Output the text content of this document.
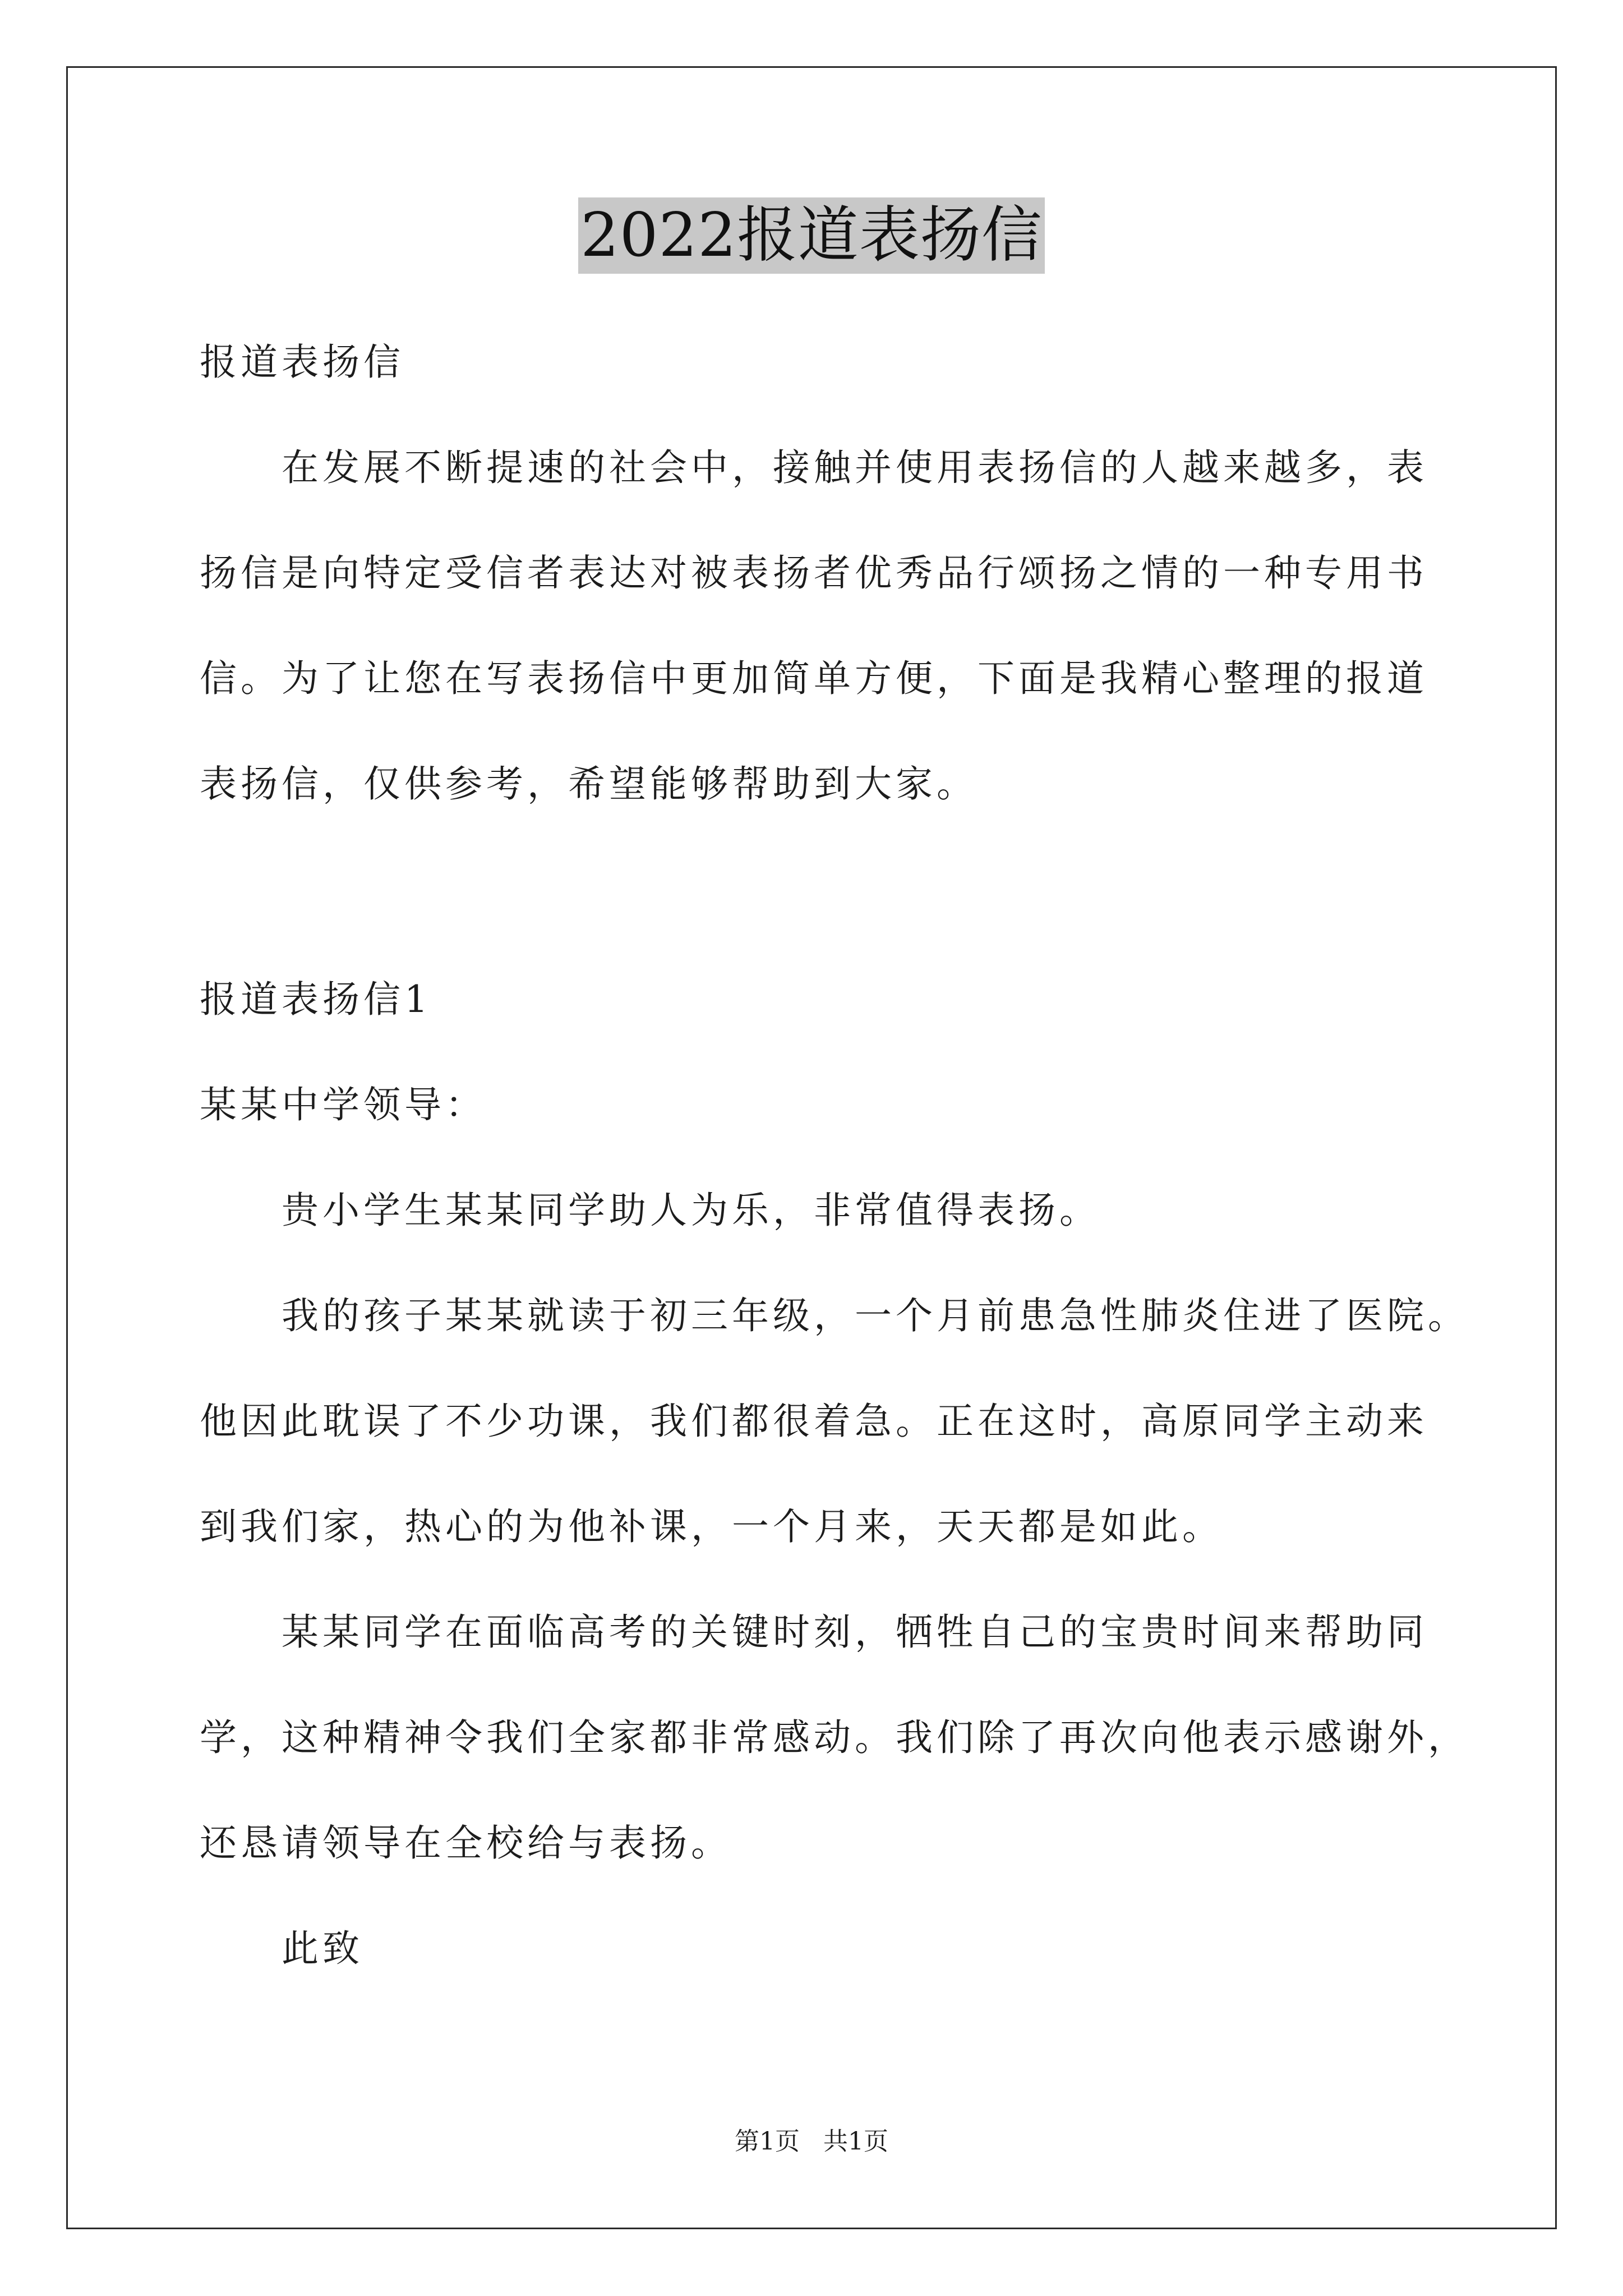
2022报道表扬信
报道表扬信
在发展不断提速的社会中，接触并使用表扬信的人越来越多，表
扬信是向特定受信者表达对被表扬者优秀品行颂扬之情的一种专用书
信。为了让您在写表扬信中更加简单方便，下面是我精心整理的报道
表扬信，仅供参考，希望能够帮助到大家。
报道表扬信1
某某中学领导：
贵小学生某某同学助人为乐，非常值得表扬。
我的孩子某某就读于初三年级，一个月前患急性肺炎住进了医院。
他因此耽误了不少功课，我们都很着急。正在这时，高原同学主动来
到我们家，热心的为他补课，一个月来，天天都是如此。
某某同学在面临高考的关键时刻，牺牲自己的宝贵时间来帮助同
学，这种精神令我们全家都非常感动。我们除了再次向他表示感谢外，
还恳请领导在全校给与表扬。
此致
第1页   共1页
